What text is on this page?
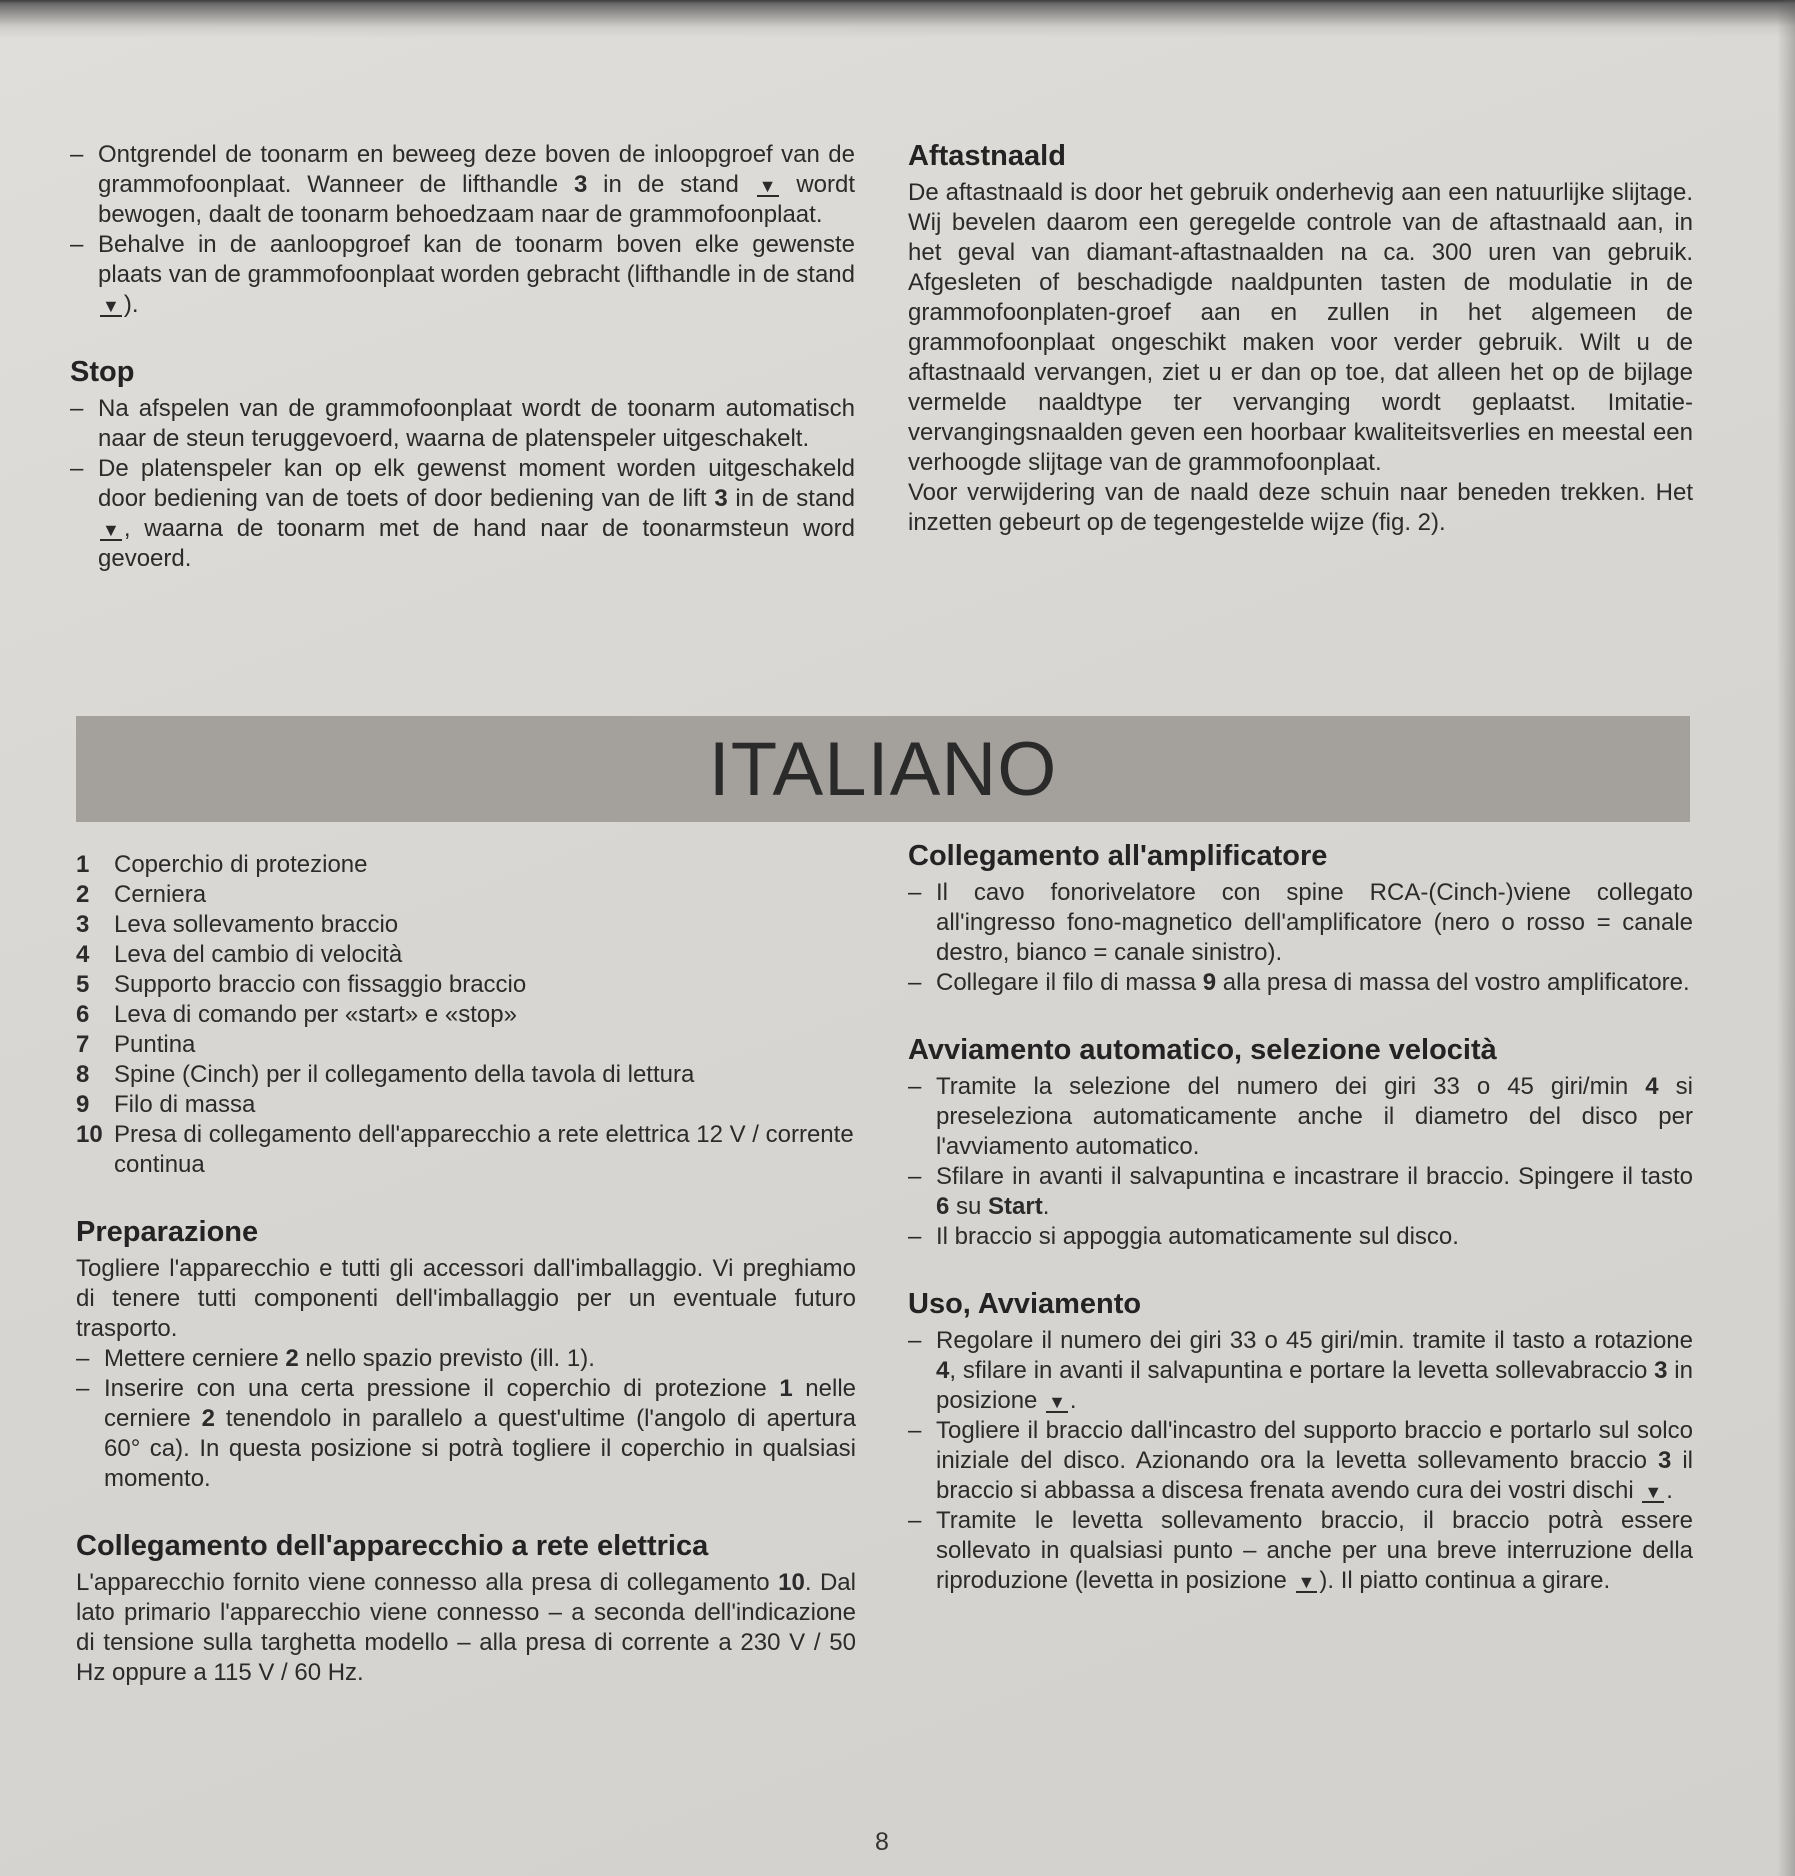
– Ontgrendel de toonarm en beweeg deze boven de inloopgroef van de grammofoonplaat. Wanneer de lifthandle 3 in de stand ▼ wordt bewogen, daalt de toonarm behoedzaam naar de grammofoonplaat.
– Behalve in de aanloopgroef kan de toonarm boven elke gewenste plaats van de grammofoonplaat worden gebracht (lifthandle in de stand ▼ ).
Stop
– Na afspelen van de grammofoonplaat wordt de toonarm automatisch naar de steun teruggevoerd, waarna de platenspeler uitgeschakelt.
– De platenspeler kan op elk gewenst moment worden uitgeschakeld door bediening van de toets of door bediening van de lift 3 in de stand ▼ , waarna de toonarm met de hand naar de toonarmsteun word gevoerd.
Aftastnaald

De aftastnaald is door het gebruik onderhevig aan een natuurlijke slijtage. Wij bevelen daarom een geregelde controle van de aftastnaald aan, in het geval van diamant-aftastnaalden na ca. 300 uren van gebruik. Afgesleten of beschadigde naaldpunten tasten de modulatie in de grammofoonplaten-groef aan en zullen in het algemeen de grammofoonplaat ongeschikt maken voor verder gebruik. Wilt u de aftastnaald vervangen, ziet u er dan op toe, dat alleen het op de bijlage vermelde naaldtype ter vervanging wordt geplaatst. Imitatie-vervangingsnaalden geven een hoorbaar kwaliteitsverlies en meestal een verhoogde slijtage van de grammofoonplaat.

Voor verwijdering van de naald deze schuin naar beneden trekken. Het inzetten gebeurt op de tegengestelde wijze (fig. 2).

ITALIANO
1	Coperchio di protezione
2	Cerniera
3	Leva sollevamento braccio
4	Leva del cambio di velocità
5	Supporto braccio con fissaggio braccio
6	Leva di comando per «start» e «stop»
7	Puntina
8	Spine (Cinch) per il collegamento della tavola di lettura
9	Filo di massa
10 Presa di collegamento dell'apparecchio a rete elettrica 12 V / corrente continua
Preparazione

Togliere l'apparecchio e tutti gli accessori dall'imballaggio. Vi preghiamo di tenere tutti componenti dell'imballaggio per un eventuale futuro trasporto.

– Mettere cerniere 2 nello spazio previsto (ill. 1).
– Inserire con una certa pressione il coperchio di protezione 1 nelle cerniere 2 tenendolo in parallelo a quest'ultime (l'angolo di apertura 60° ca). In questa posizione si potrà togliere il coperchio in qualsiasi momento.
Collegamento dell'apparecchio a rete elettrica

L'apparecchio fornito viene connesso alla presa di collegamento 10. Dal lato primario l'apparecchio viene connesso – a seconda dell'indicazione di tensione sulla targhetta modello – alla presa di corrente a 230 V / 50 Hz oppure a 115 V / 60 Hz.

Collegamento all'amplificatore
– Il cavo fonorivelatore con spine RCA-(Cinch-)viene collegato all'ingresso fono-magnetico dell'amplificatore (nero o rosso = canale destro, bianco = canale sinistro).
– Collegare il filo di massa 9 alla presa di massa del vostro amplificatore.
Avviamento automatico, selezione velocità
– Tramite la selezione del numero dei giri 33 o 45 giri/min 4 si preseleziona automaticamente anche il diametro del disco per l'avviamento automatico.
– Sfilare in avanti il salvapuntina e incastrare il braccio. Spingere il tasto 6 su Start.
– Il braccio si appoggia automaticamente sul disco.
Uso, Avviamento
– Regolare il numero dei giri 33 o 45 giri/min. tramite il tasto a rotazione 4, sfilare in avanti il salvapuntina e portare la levetta sollevabraccio 3 in posizione ▼ .
– Togliere il braccio dall'incastro del supporto braccio e portarlo sul solco iniziale del disco. Azionando ora la levetta sollevamento braccio 3 il braccio si abbassa a discesa frenata avendo cura dei vostri dischi ▼ .
– Tramite le levetta sollevamento braccio, il braccio potrà essere sollevato in qualsiasi punto – anche per una breve interruzione della riproduzione (levetta in posizione ▼ ). Il piatto continua a girare.
8
